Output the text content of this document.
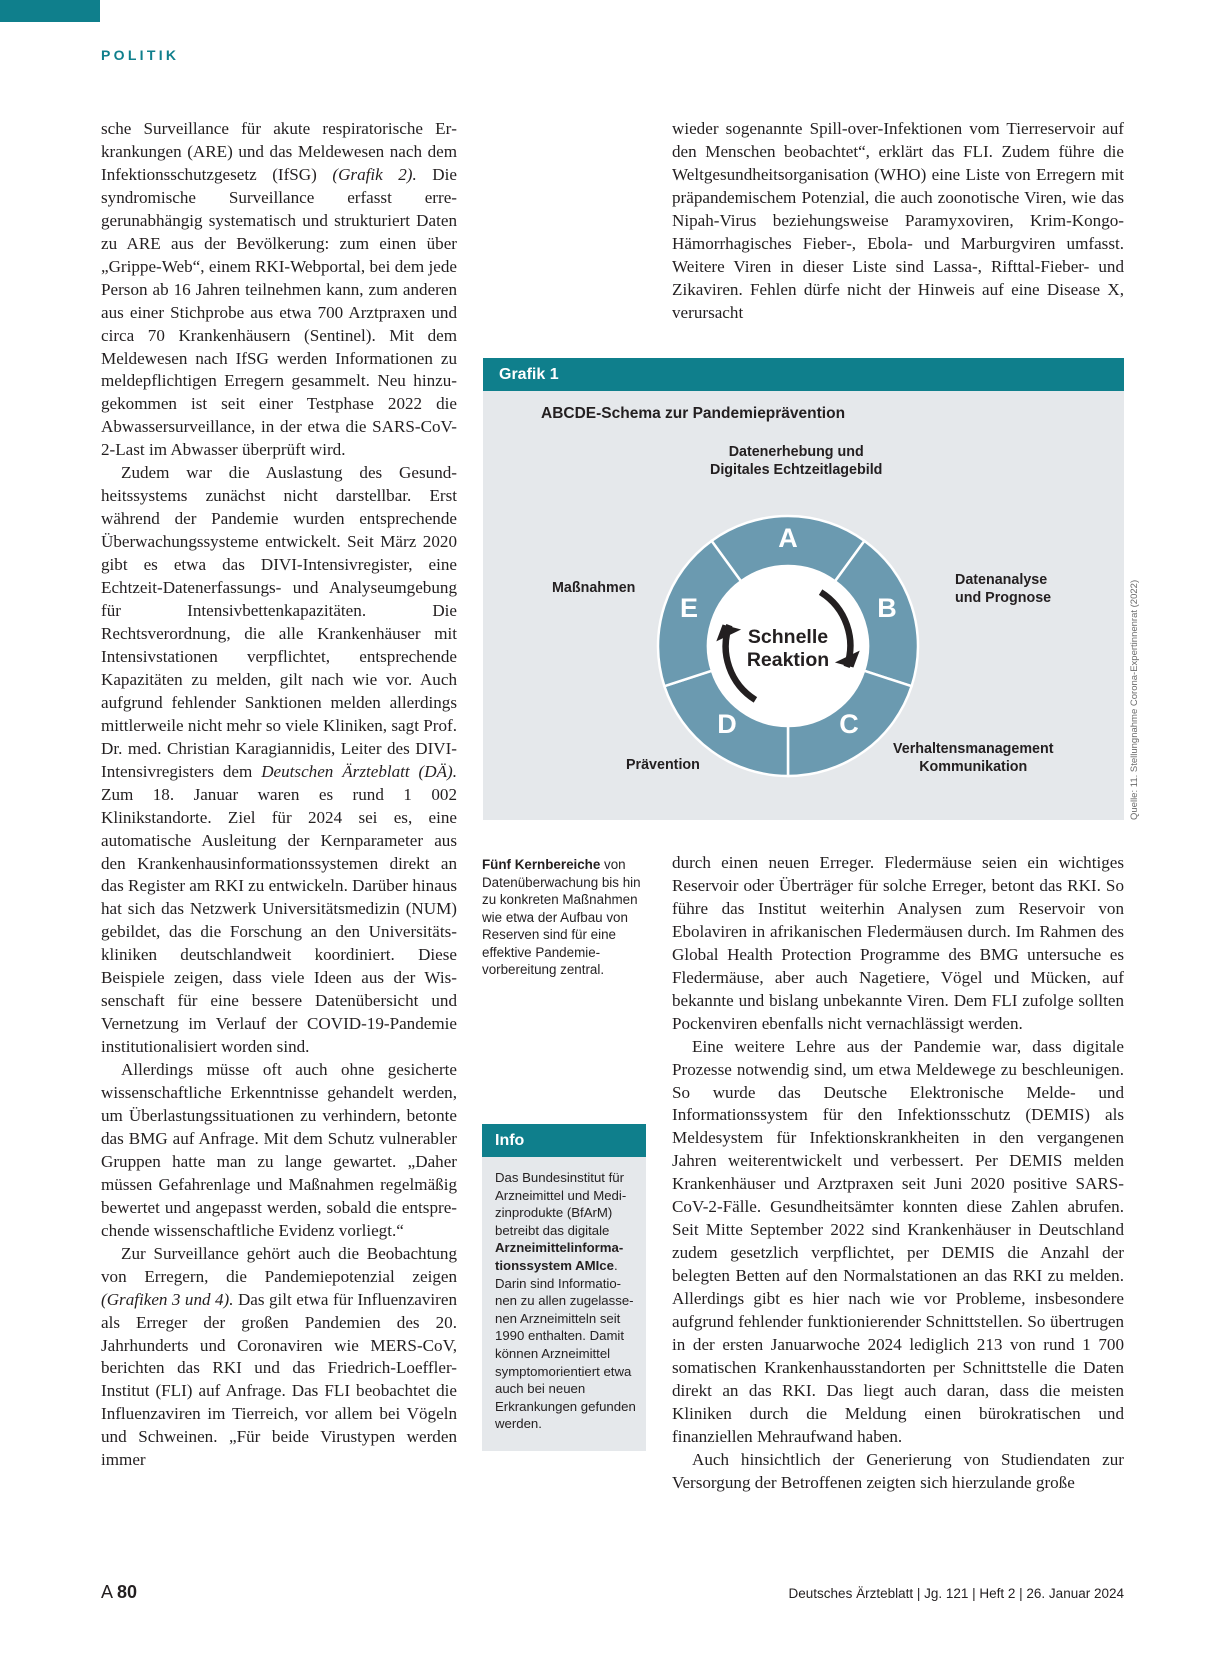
POLITIK

sche Surveillance für akute respiratorische Erkrankungen (ARE) und das Meldewesen nach dem Infektionsschutzgesetz (IfSG) (Grafik 2). Die syndromische Surveillance erfasst erregerunabhängig systematisch und strukturiert Daten zu ARE aus der Bevölkerung: zum einen über „Grippe-Web“, einem RKI-Webportal, bei dem jede Person ab 16 Jahren teilnehmen kann, zum anderen aus einer Stichprobe aus etwa 700 Arztpraxen und circa 70 Krankenhäusern (Sentinel). Mit dem Meldewesen nach IfSG werden Informationen zu meldepflichtigen Erregern gesammelt. Neu hinzugekommen ist seit einer Testphase 2022 die Abwassersurveillance, in der etwa die SARS-CoV-2-Last im Abwasser überprüft wird.

Zudem war die Auslastung des Gesundheitssystems zunächst nicht darstellbar. Erst während der Pandemie wurden entsprechende Überwachungssysteme entwickelt. Seit März 2020 gibt es etwa das DIVI-Intensivregister, eine Echtzeit-Datenerfassungs- und Analyseumgebung für Intensivbettenkapazitäten. Die Rechtsverordnung, die alle Krankenhäuser mit Intensivstationen verpflichtet, entsprechende Kapazitäten zu melden, gilt nach wie vor. Auch aufgrund fehlender Sanktionen melden allerdings mittlerweile nicht mehr so viele Kliniken, sagt Prof. Dr. med. Christian Karagiannidis, Leiter des DIVI-Intensivregisters dem Deutschen Ärzteblatt (DÄ). Zum 18. Januar waren es rund 1 002 Klinikstandorte. Ziel für 2024 sei es, eine automatische Ausleitung der Kernparameter aus den Krankenhausinformationssystemen direkt an das Register am RKI zu entwickeln. Darüber hinaus hat sich das Netzwerk Universitätsmedizin (NUM) gebildet, das die Forschung an den Universitätskliniken deutschlandweit koordiniert. Diese Beispiele zeigen, dass viele Ideen aus der Wissenschaft für eine bessere Datenübersicht und Vernetzung im Verlauf der COVID-19-Pandemie institutionalisiert worden sind.

Allerdings müsse oft auch ohne gesicherte wissenschaftliche Erkenntnisse gehandelt werden, um Überlastungssituationen zu verhindern, betonte das BMG auf Anfrage. Mit dem Schutz vulnerabler Gruppen hatte man zu lange gewartet. „Daher müssen Gefahrenlage und Maßnahmen regelmäßig bewertet und angepasst werden, sobald die entsprechende wissenschaftliche Evidenz vorliegt.“

Zur Surveillance gehört auch die Beobachtung von Erregern, die Pandemiepotenzial zeigen (Grafiken 3 und 4). Das gilt etwa für Influenzaviren als Erreger der großen Pandemien des 20. Jahrhunderts und Coronaviren wie MERS-CoV, berichten das RKI und das Friedrich-Loeffler-Institut (FLI) auf Anfrage. Das FLI beobachtet die Influenzaviren im Tierreich, vor allem bei Vögeln und Schweinen. „Für beide Virustypen werden immer

wieder sogenannte Spill-over-Infektionen vom Tierreservoir auf den Menschen beobachtet“, erklärt das FLI. Zudem führe die Weltgesundheitsorganisation (WHO) eine Liste von Erregern mit präpandemischem Potenzial, die auch zoonotische Viren, wie das Nipah-Virus beziehungsweise Paramyxoviren, Krim-Kongo-Hämorrhagisches Fieber-, Ebola- und Marburgviren umfasst. Weitere Viren in dieser Liste sind Lassa-, Rifttal-Fieber- und Zikaviren. Fehlen dürfe nicht der Hinweis auf eine Disease X, verursacht

Grafik 1
ABCDE-Schema zur Pandemieprävention
Datenerhebung und
Digitales Echtzeitlagebild
Datenanalyse
und Prognose
Verhaltensmanagement
Kommunikation
Prävention
Maßnahmen
Schnelle
Reaktion
A
B
C
D
E	Quelle: 11. Stellungnahme Corona-Expertinnenrat (2022)
Fünf Kernbereiche von Datenüberwachung bis hin zu konkreten Maßnahmen wie etwa der Aufbau von Reserven sind für eine effektive Pandemievorbereitung zentral.

durch einen neuen Erreger. Fledermäuse seien ein wichtiges Reservoir oder Überträger für solche Erreger, betont das RKI. So führe das Institut weiterhin Analysen zum Reservoir von Ebolaviren in afrikanischen Fledermäusen durch. Im Rahmen des Global Health Protection Programme des BMG untersuche es Fledermäuse, aber auch Nagetiere, Vögel und Mücken, auf bekannte und bislang unbekannte Viren. Dem FLI zufolge sollten Pockenviren ebenfalls nicht vernachlässigt werden.

Eine weitere Lehre aus der Pandemie war, dass digitale Prozesse notwendig sind, um etwa Meldewege zu beschleunigen. So wurde das Deutsche Elektronische Melde- und Informationssystem für den Infektionsschutz (DEMIS) als Meldesystem für Infektionskrankheiten in den vergangenen Jahren weiterentwickelt und verbessert. Per DEMIS melden Krankenhäuser und Arztpraxen seit Juni 2020 positive SARS-CoV-2-Fälle. Gesundheitsämter konnten diese Zahlen abrufen. Seit Mitte September 2022 sind Krankenhäuser in Deutschland zudem gesetzlich verpflichtet, per DEMIS die Anzahl der belegten Betten auf den Normalstationen an das RKI zu melden. Allerdings gibt es hier nach wie vor Probleme, insbesondere aufgrund fehlender funktionierender Schnittstellen. So übertrugen in der ersten Januarwoche 2024 lediglich 213 von rund 1 700 somatischen Krankenhausstandorten per Schnittstelle die Daten direkt an das RKI. Das liegt auch daran, dass die meisten Kliniken durch die Meldung einen bürokratischen und finanziellen Mehraufwand haben.

Auch hinsichtlich der Generierung von Studiendaten zur Versorgung der Betroffenen zeigten sich hierzulande große

Info
Das Bundesinstitut für Arzneimittel und Medizinprodukte (BfArM) betreibt das digitale Arzneimittelinformationssystem AMIce. Darin sind Informationen zu allen zugelassenen Arzneimitteln seit 1990 enthalten. Damit können Arzneimittel symptomorientiert etwa auch bei neuen Erkrankungen gefunden werden.
A 80	Deutsches Ärzteblatt | Jg. 121 | Heft 2 | 26. Januar 2024
